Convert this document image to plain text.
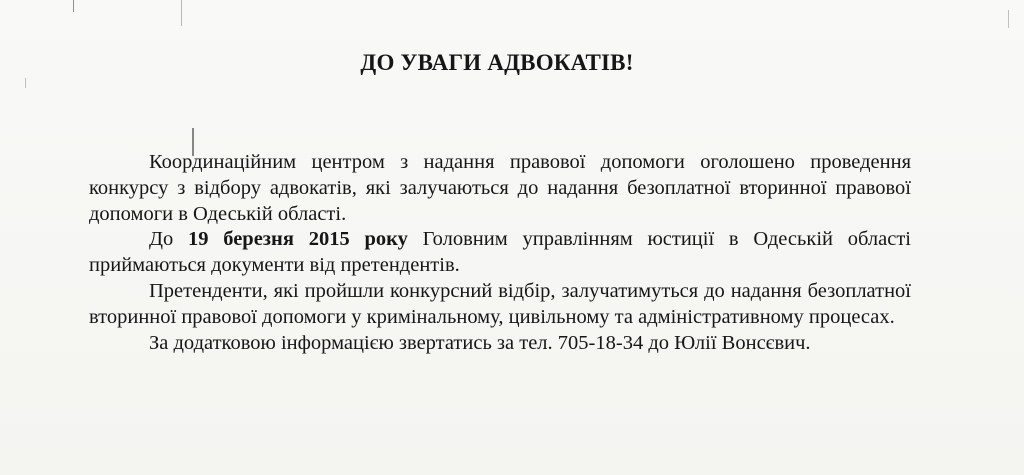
ДО УВАГИ АДВОКАТІВ!

Координаційним центром з надання правової допомоги оголошено проведення конкурсу з відбору адвокатів, які залучаються до надання безоплатної вторинної правової допомоги в Одеській області.

До 19 березня 2015 року Головним управлінням юстиції в Одеській області приймаються документи від претендентів.

Претенденти, які пройшли конкурсний відбір, залучатимуться до надання безоплатної вторинної правової допомоги у кримінальному, цивільному та адміністративному процесах.

За додатковою інформацією звертатись за тел. 705-18-34 до Юлії Вонсєвич.
